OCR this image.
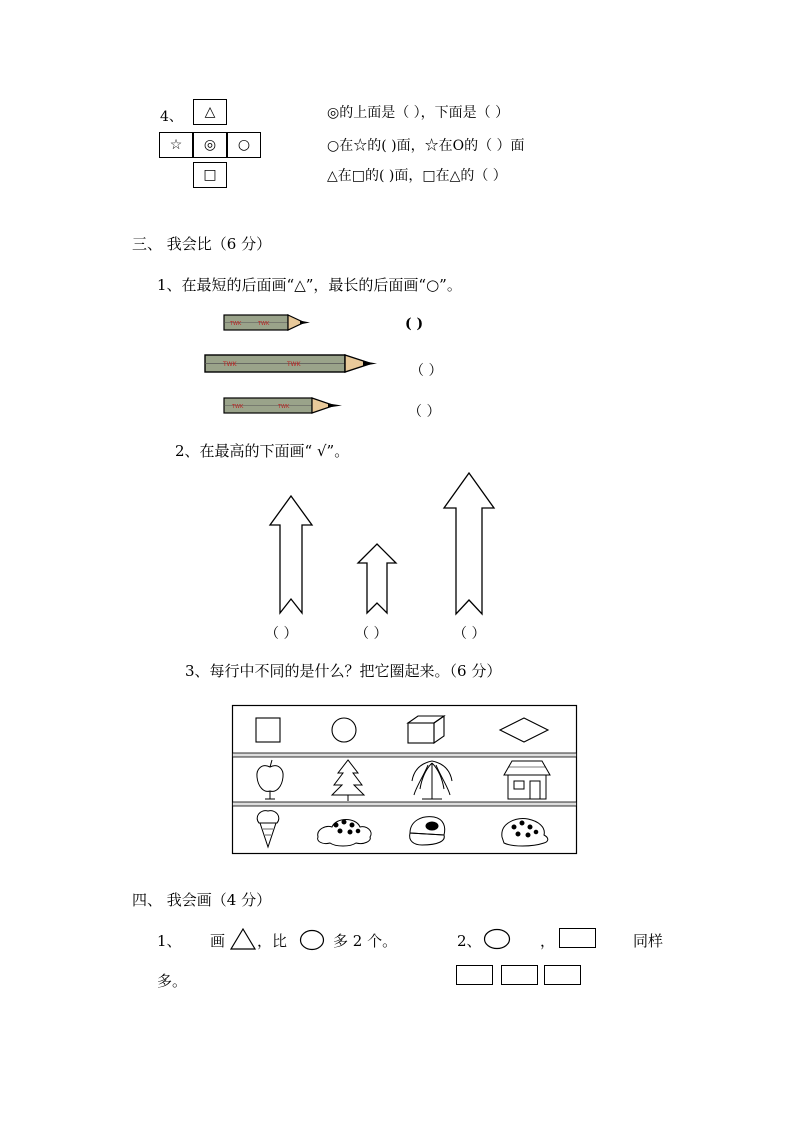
4、	△
☆	◎	○
□
◎的上面是（ ），下面是（ ）
○在☆的( )面，☆在O的（ ）面
△在□的( )面，□在△的（ ）
三、 我会比（6 分）
1、在最短的后面画“△”，最长的后面画“○”。
TWK	TWK	( )
TWK	TWK	（ ）
TWK	TWK	（ ）
2、在最高的下面画“ √”。
（ ）	（ ）	（ ）
3、每行中不同的是什么？把它圈起来。（6 分）
四、 我会画（4 分）
1、 画 ，比	多 2 个。	2、	，	同样
多。
